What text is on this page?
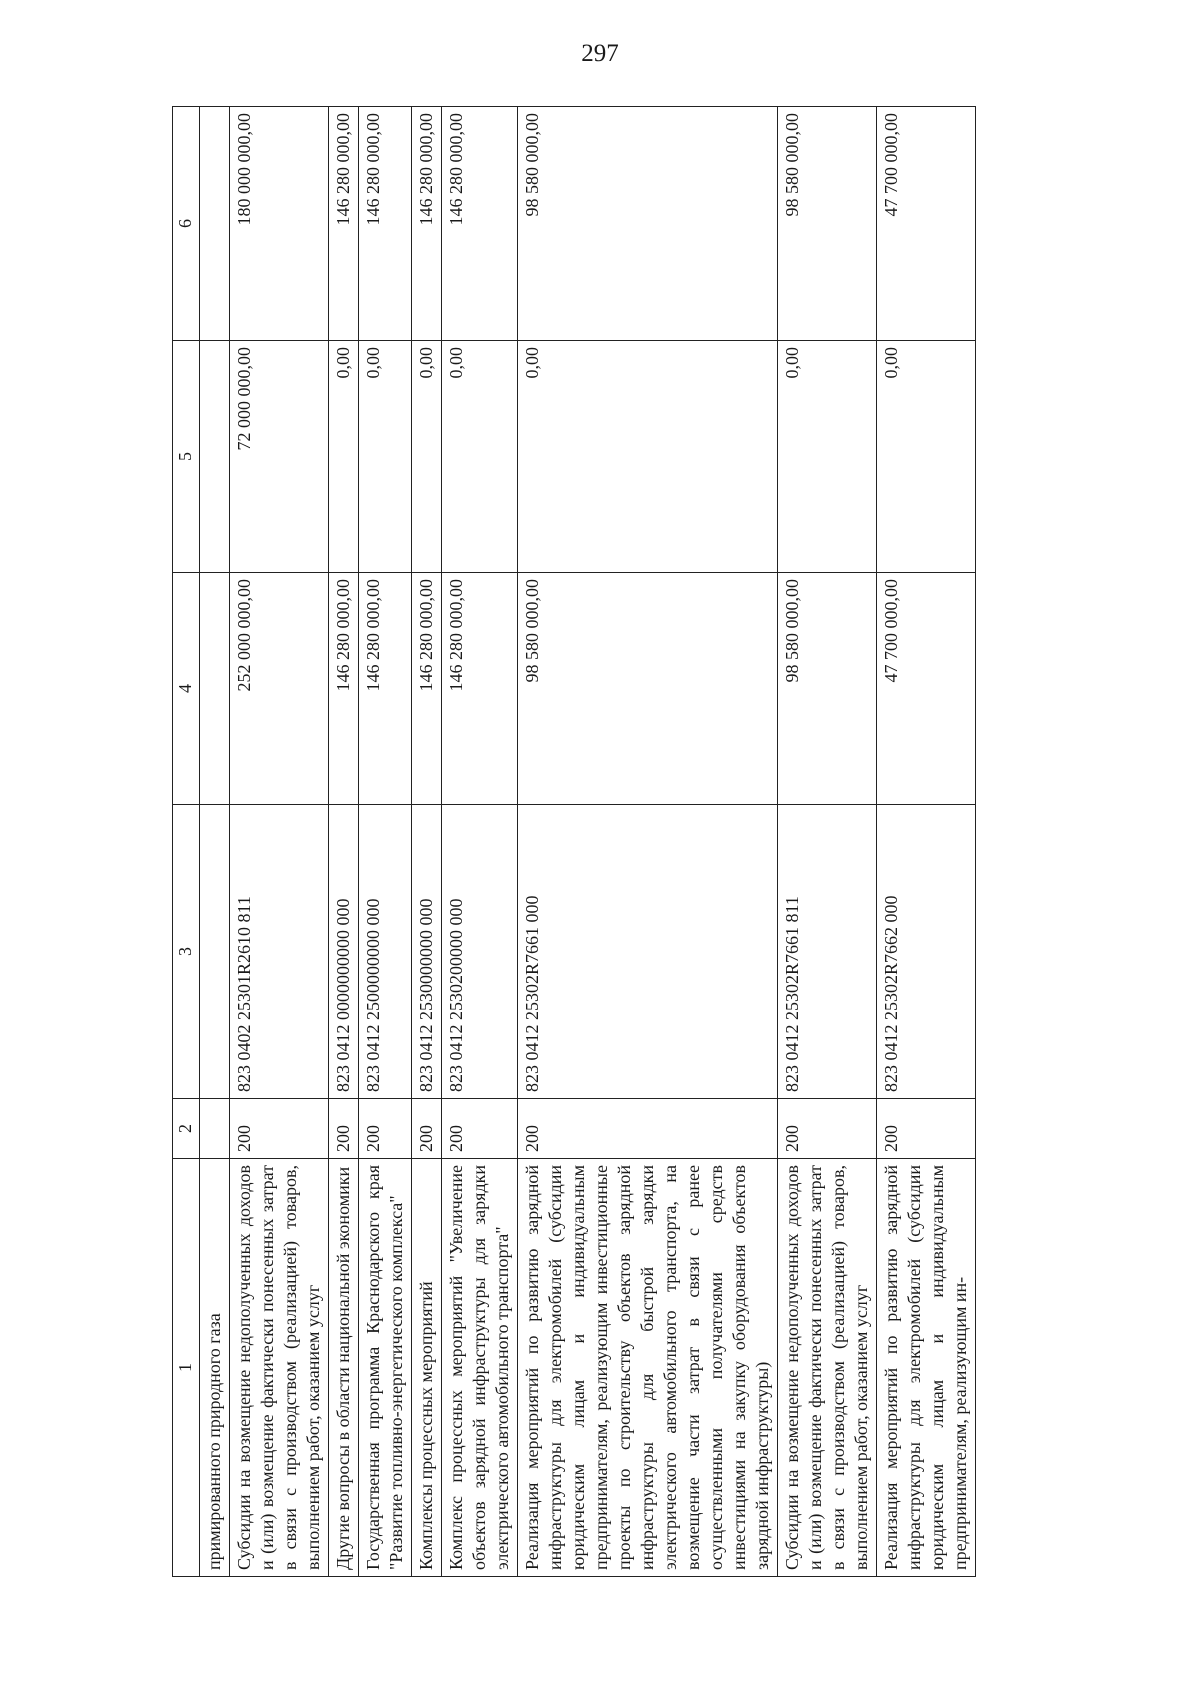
297
1	2	3	4	5	6
примированного природного газа					
Субсидии на возмещение недополученных доходов и (или) возмещение фактически понесенных затрат в связи с производством (реализацией) товаров, выполнением работ, оказанием услуг	200	823 0402 25301R2610 811	252 000 000,00	72 000 000,00	180 000 000,00
Другие вопросы в области национальной экономики	200	823 0412 0000000000 000	146 280 000,00	0,00	146 280 000,00
Государственная программа Краснодарского края "Развитие топливно-энергетического комплекса"	200	823 0412 2500000000 000	146 280 000,00	0,00	146 280 000,00
Комплексы процессных мероприятий	200	823 0412 2530000000 000	146 280 000,00	0,00	146 280 000,00
Комплекс процессных мероприятий "Увеличение объектов зарядной инфраструктуры для зарядки электрического автомобильного транспорта"	200	823 0412 2530200000 000	146 280 000,00	0,00	146 280 000,00
Реализация мероприятий по развитию зарядной инфраструктуры для электромобилей (субсидии юридическим лицам и индивидуальным предпринимателям, реализующим инвестиционные проекты по строительству объектов зарядной инфраструктуры для быстрой зарядки электрического автомобильного транспорта, на возмещение части затрат в связи с ранее осуществленными получателями средств инвестициями на закупку оборудования объектов зарядной инфраструктуры)	200	823 0412 25302R7661 000	98 580 000,00	0,00	98 580 000,00
Субсидии на возмещение недополученных доходов и (или) возмещение фактически понесенных затрат в связи с производством (реализацией) товаров, выполнением работ, оказанием услуг	200	823 0412 25302R7661 811	98 580 000,00	0,00	98 580 000,00
Реализация мероприятий по развитию зарядной инфраструктуры для электромобилей (субсидии юридическим лицам и индивидуальным предпринимателям, реализующим ин-	200	823 0412 25302R7662 000	47 700 000,00	0,00	47 700 000,00
